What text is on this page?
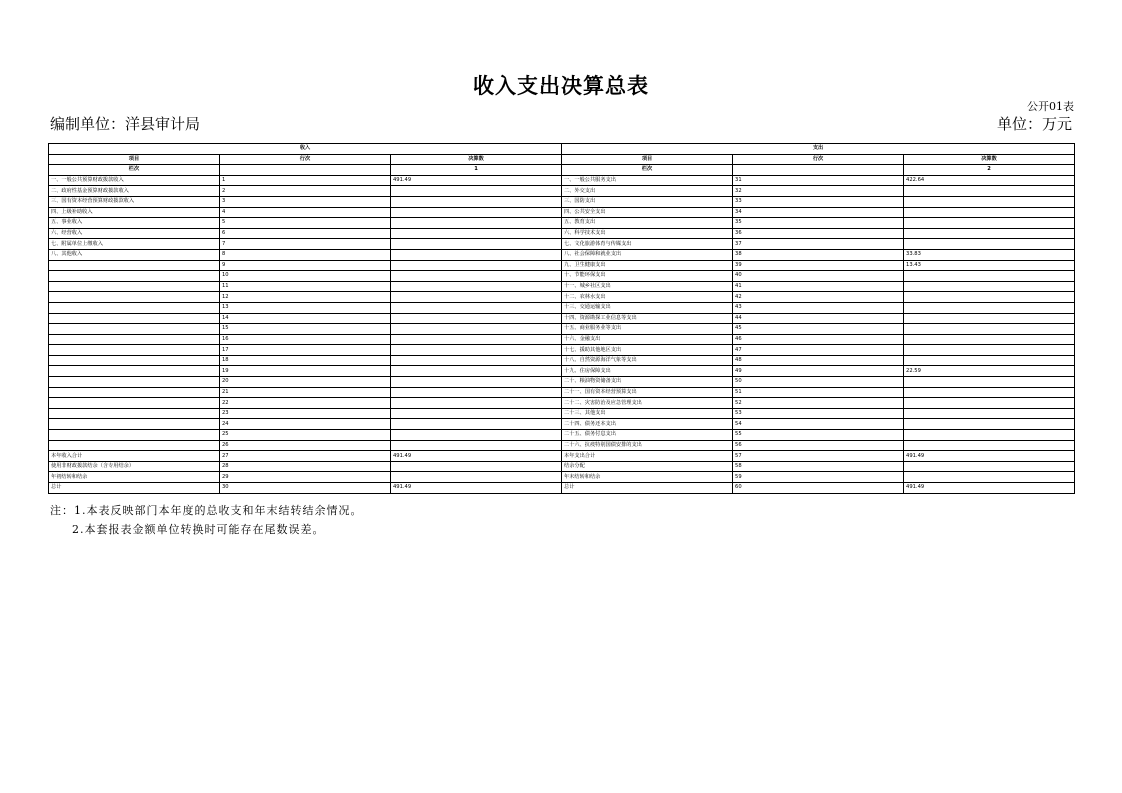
收入支出决算总表
公开01表
编制单位：洋县审计局	单位：万元
收入			支出		
项目	行次	决算数	项目	行次	决算数
栏次		1	栏次		2
一、一般公共预算财政拨款收入	1	491.49	一、一般公共服务支出	31	422.64
二、政府性基金预算财政拨款收入	2		二、外交支出	32	
三、国有资本经营预算财政拨款收入	3		三、国防支出	33	
四、上级补助收入	4		四、公共安全支出	34	
五、事业收入	5		五、教育支出	35	
六、经营收入	6		六、科学技术支出	36	
七、附属单位上缴收入	7		七、文化旅游体育与传媒支出	37	
八、其他收入	8		八、社会保障和就业支出	38	33.83
	9		九、卫生健康支出	39	13.43
	10		十、节能环保支出	40	
	11		十一、城乡社区支出	41	
	12		十二、农林水支出	42	
	13		十三、交通运输支出	43	
	14		十四、资源勘探工业信息等支出	44	
	15		十五、商业服务业等支出	45	
	16		十六、金融支出	46	
	17		十七、援助其他地区支出	47	
	18		十八、自然资源海洋气象等支出	48	
	19		十九、住房保障支出	49	22.59
	20		二十、粮油物资储备支出	50	
	21		二十一、国有资本经营预算支出	51	
	22		二十二、灾害防治及应急管理支出	52	
	23		二十三、其他支出	53	
	24		二十四、债务还本支出	54	
	25		二十五、债务付息支出	55	
	26		二十六、抗疫特别国债安排的支出	56	
本年收入合计	27	491.49	本年支出合计	57	491.49
使用非财政拨款结余（含专用结余）	28		结余分配	58	
年初结转和结余	29		年末结转和结余	59	
总计	30	491.49	总计	60	491.49
注：1.本表反映部门本年度的总收支和年末结转结余情况。
2.本套报表金额单位转换时可能存在尾数误差。
